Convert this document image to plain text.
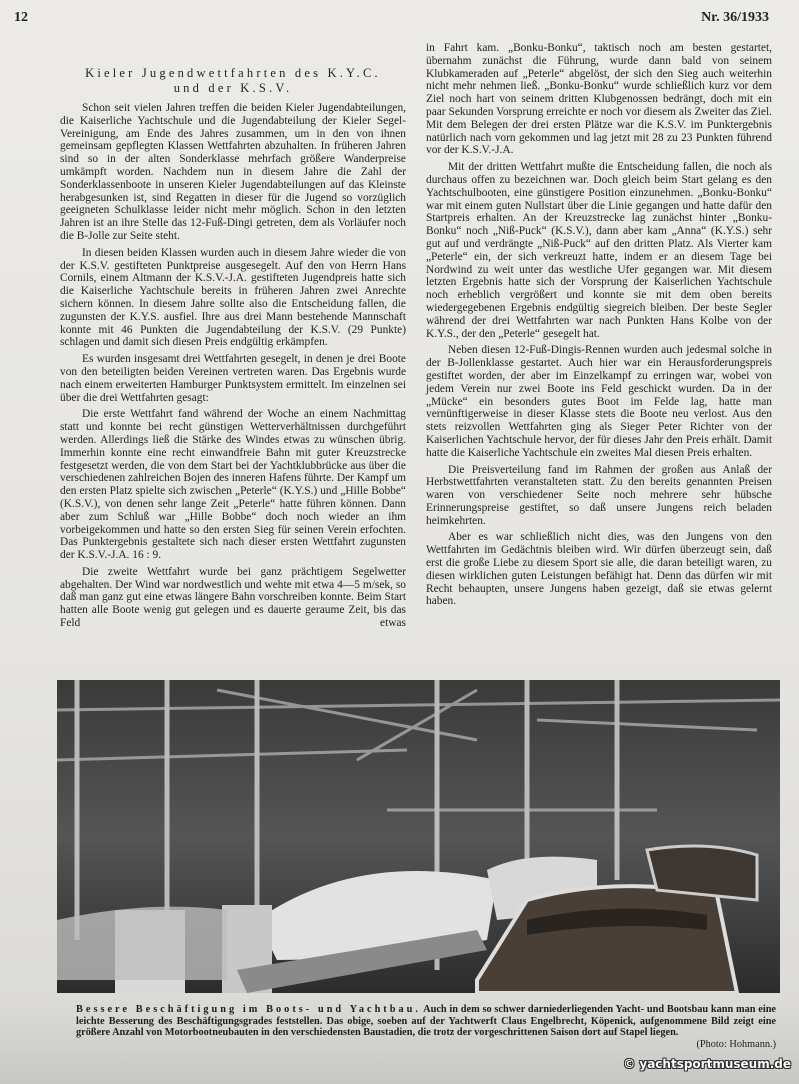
12	Nr. 36/1933
Kieler Jugendwettfahrten des K.Y.C.
und der K.S.V.

Schon seit vielen Jahren treffen die beiden Kieler Jugendabteilungen, die Kaiserliche Yachtschule und die Jugendabteilung der Kieler Segel-Vereinigung, am Ende des Jahres zusammen, um in den von ihnen gemeinsam gepflegten Klassen Wettfahrten abzuhalten. In früheren Jahren sind so in der alten Sonderklasse mehrfach größere Wanderpreise umkämpft worden. Nachdem nun in diesem Jahre die Zahl der Sonderklassenboote in unseren Kieler Jugendabteilungen auf das Kleinste herabgesunken ist, sind Regatten in dieser für die Jugend so vorzüglich geeigneten Schulklasse leider nicht mehr möglich. Schon in den letzten Jahren ist an ihre Stelle das 12-Fuß-Dingi getreten, dem als Vorläufer noch die B-Jolle zur Seite steht.

In diesen beiden Klassen wurden auch in diesem Jahre wieder die von der K.S.V. gestifteten Punktpreise ausgesegelt. Auf den von Herrn Hans Cornils, einem Altmann der K.S.V.-J.A. gestifteten Jugendpreis hatte sich die Kaiserliche Yachtschule bereits in früheren Jahren zwei Anrechte sichern können. In diesem Jahre sollte also die Entscheidung fallen, die zugunsten der K.Y.S. ausfiel. Ihre aus drei Mann bestehende Mannschaft konnte mit 46 Punkten die Jugendabteilung der K.S.V. (29 Punkte) schlagen und damit sich diesen Preis endgültig erkämpfen.

Es wurden insgesamt drei Wettfahrten gesegelt, in denen je drei Boote von den beteiligten beiden Vereinen vertreten waren. Das Ergebnis wurde nach einem erweiterten Hamburger Punktsystem ermittelt. Im einzelnen sei über die drei Wettfahrten gesagt:

Die erste Wettfahrt fand während der Woche an einem Nachmittag statt und konnte bei recht günstigen Wetterverhältnissen durchgeführt werden. Allerdings ließ die Stärke des Windes etwas zu wünschen übrig. Immerhin konnte eine recht einwandfreie Bahn mit guter Kreuzstrecke festgesetzt werden, die von dem Start bei der Yachtklubbrücke aus über die verschiedenen zahlreichen Bojen des inneren Hafens führte. Der Kampf um den ersten Platz spielte sich zwischen „Peterle“ (K.Y.S.) und „Hille Bobbe“ (K.S.V.), von denen sehr lange Zeit „Peterle“ hatte führen können. Dann aber zum Schluß war „Hille Bobbe“ doch noch wieder an ihm vorbeigekommen und hatte so den ersten Sieg für seinen Verein erfochten. Das Punktergebnis gestaltete sich nach dieser ersten Wettfahrt zugunsten der K.S.V.-J.A. 16 : 9.

Die zweite Wettfahrt wurde bei ganz prächtigem Segelwetter abgehalten. Der Wind war nordwestlich und wehte mit etwa 4—5 m/sek, so daß man ganz gut eine etwas längere Bahn vorschreiben konnte. Beim Start hatten alle Boote wenig gut gelegen und es dauerte geraume Zeit, bis das Feld etwas

in Fahrt kam. „Bonku-Bonku“, taktisch noch am besten gestartet, übernahm zunächst die Führung, wurde dann bald von seinem Klubkameraden auf „Peterle“ abgelöst, der sich den Sieg auch weiterhin nicht mehr nehmen ließ. „Bonku-Bonku“ wurde schließlich kurz vor dem Ziel noch hart von seinem dritten Klubgenossen bedrängt, doch mit ein paar Sekunden Vorsprung erreichte er noch vor diesem als Zweiter das Ziel. Mit dem Belegen der drei ersten Plätze war die K.S.V. im Punktergebnis natürlich nach vorn gekommen und lag jetzt mit 28 zu 23 Punkten führend vor der K.S.V.-J.A.

Mit der dritten Wettfahrt mußte die Entscheidung fallen, die noch als durchaus offen zu bezeichnen war. Doch gleich beim Start gelang es den Yachtschulbooten, eine günstigere Position einzunehmen. „Bonku-Bonku“ war mit einem guten Nullstart über die Linie gegangen und hatte dafür den Startpreis erhalten. An der Kreuzstrecke lag zunächst hinter „Bonku-Bonku“ noch „Niß-Puck“ (K.S.V.), dann aber kam „Anna“ (K.Y.S.) sehr gut auf und verdrängte „Niß-Puck“ auf den dritten Platz. Als Vierter kam „Peterle“ ein, der sich verkreuzt hatte, indem er an diesem Tage bei Nordwind zu weit unter das westliche Ufer gegangen war. Mit diesem letzten Ergebnis hatte sich der Vorsprung der Kaiserlichen Yachtschule noch erheblich vergrößert und konnte sie mit dem oben bereits wiedergegebenen Ergebnis endgültig siegreich bleiben. Der beste Segler während der drei Wettfahrten war nach Punkten Hans Kolbe von der K.Y.S., der den „Peterle“ gesegelt hat.

Neben diesen 12-Fuß-Dingis-Rennen wurden auch jedesmal solche in der B-Jollenklasse gestartet. Auch hier war ein Herausforderungspreis gestiftet worden, der aber im Einzelkampf zu erringen war, wobei von jedem Verein nur zwei Boote ins Feld geschickt wurden. Da in der „Mücke“ ein besonders gutes Boot im Felde lag, hatte man vernünftigerweise in dieser Klasse stets die Boote neu verlost. Aus den stets reizvollen Wettfahrten ging als Sieger Peter Richter von der Kaiserlichen Yachtschule hervor, der für dieses Jahr den Preis erhält. Damit hatte die Kaiserliche Yachtschule ein zweites Mal diesen Preis erhalten.

Die Preisverteilung fand im Rahmen der großen aus Anlaß der Herbstwettfahrten veranstalteten statt. Zu den bereits genannten Preisen waren von verschiedener Seite noch mehrere sehr hübsche Erinnerungspreise gestiftet, so daß unsere Jungens reich beladen heimkehrten.

Aber es war schließlich nicht dies, was den Jungens von den Wettfahrten im Gedächtnis bleiben wird. Wir dürfen überzeugt sein, daß erst die große Liebe zu diesem Sport sie alle, die daran beteiligt waren, zu diesen wirklichen guten Leistungen befähigt hat. Denn das dürfen wir mit Recht behaupten, unsere Jungens haben gezeigt, daß sie etwas gelernt haben.

Bessere Beschäftigung im Boots- und Yachtbau. Auch in dem so schwer darniederliegenden Yacht- und Bootsbau kann man eine leichte Besserung des Beschäftigungsgrades feststellen. Das obige, soeben auf der Yachtwerft Claus Engelbrecht, Köpenick, aufgenommene Bild zeigt eine größere Anzahl von Motorbootneubauten in den verschiedensten Baustadien, die trotz der vorgeschrittenen Saison dort auf Stapel liegen.
(Photo: Hohmann.)
© yachtsportmuseum.de
